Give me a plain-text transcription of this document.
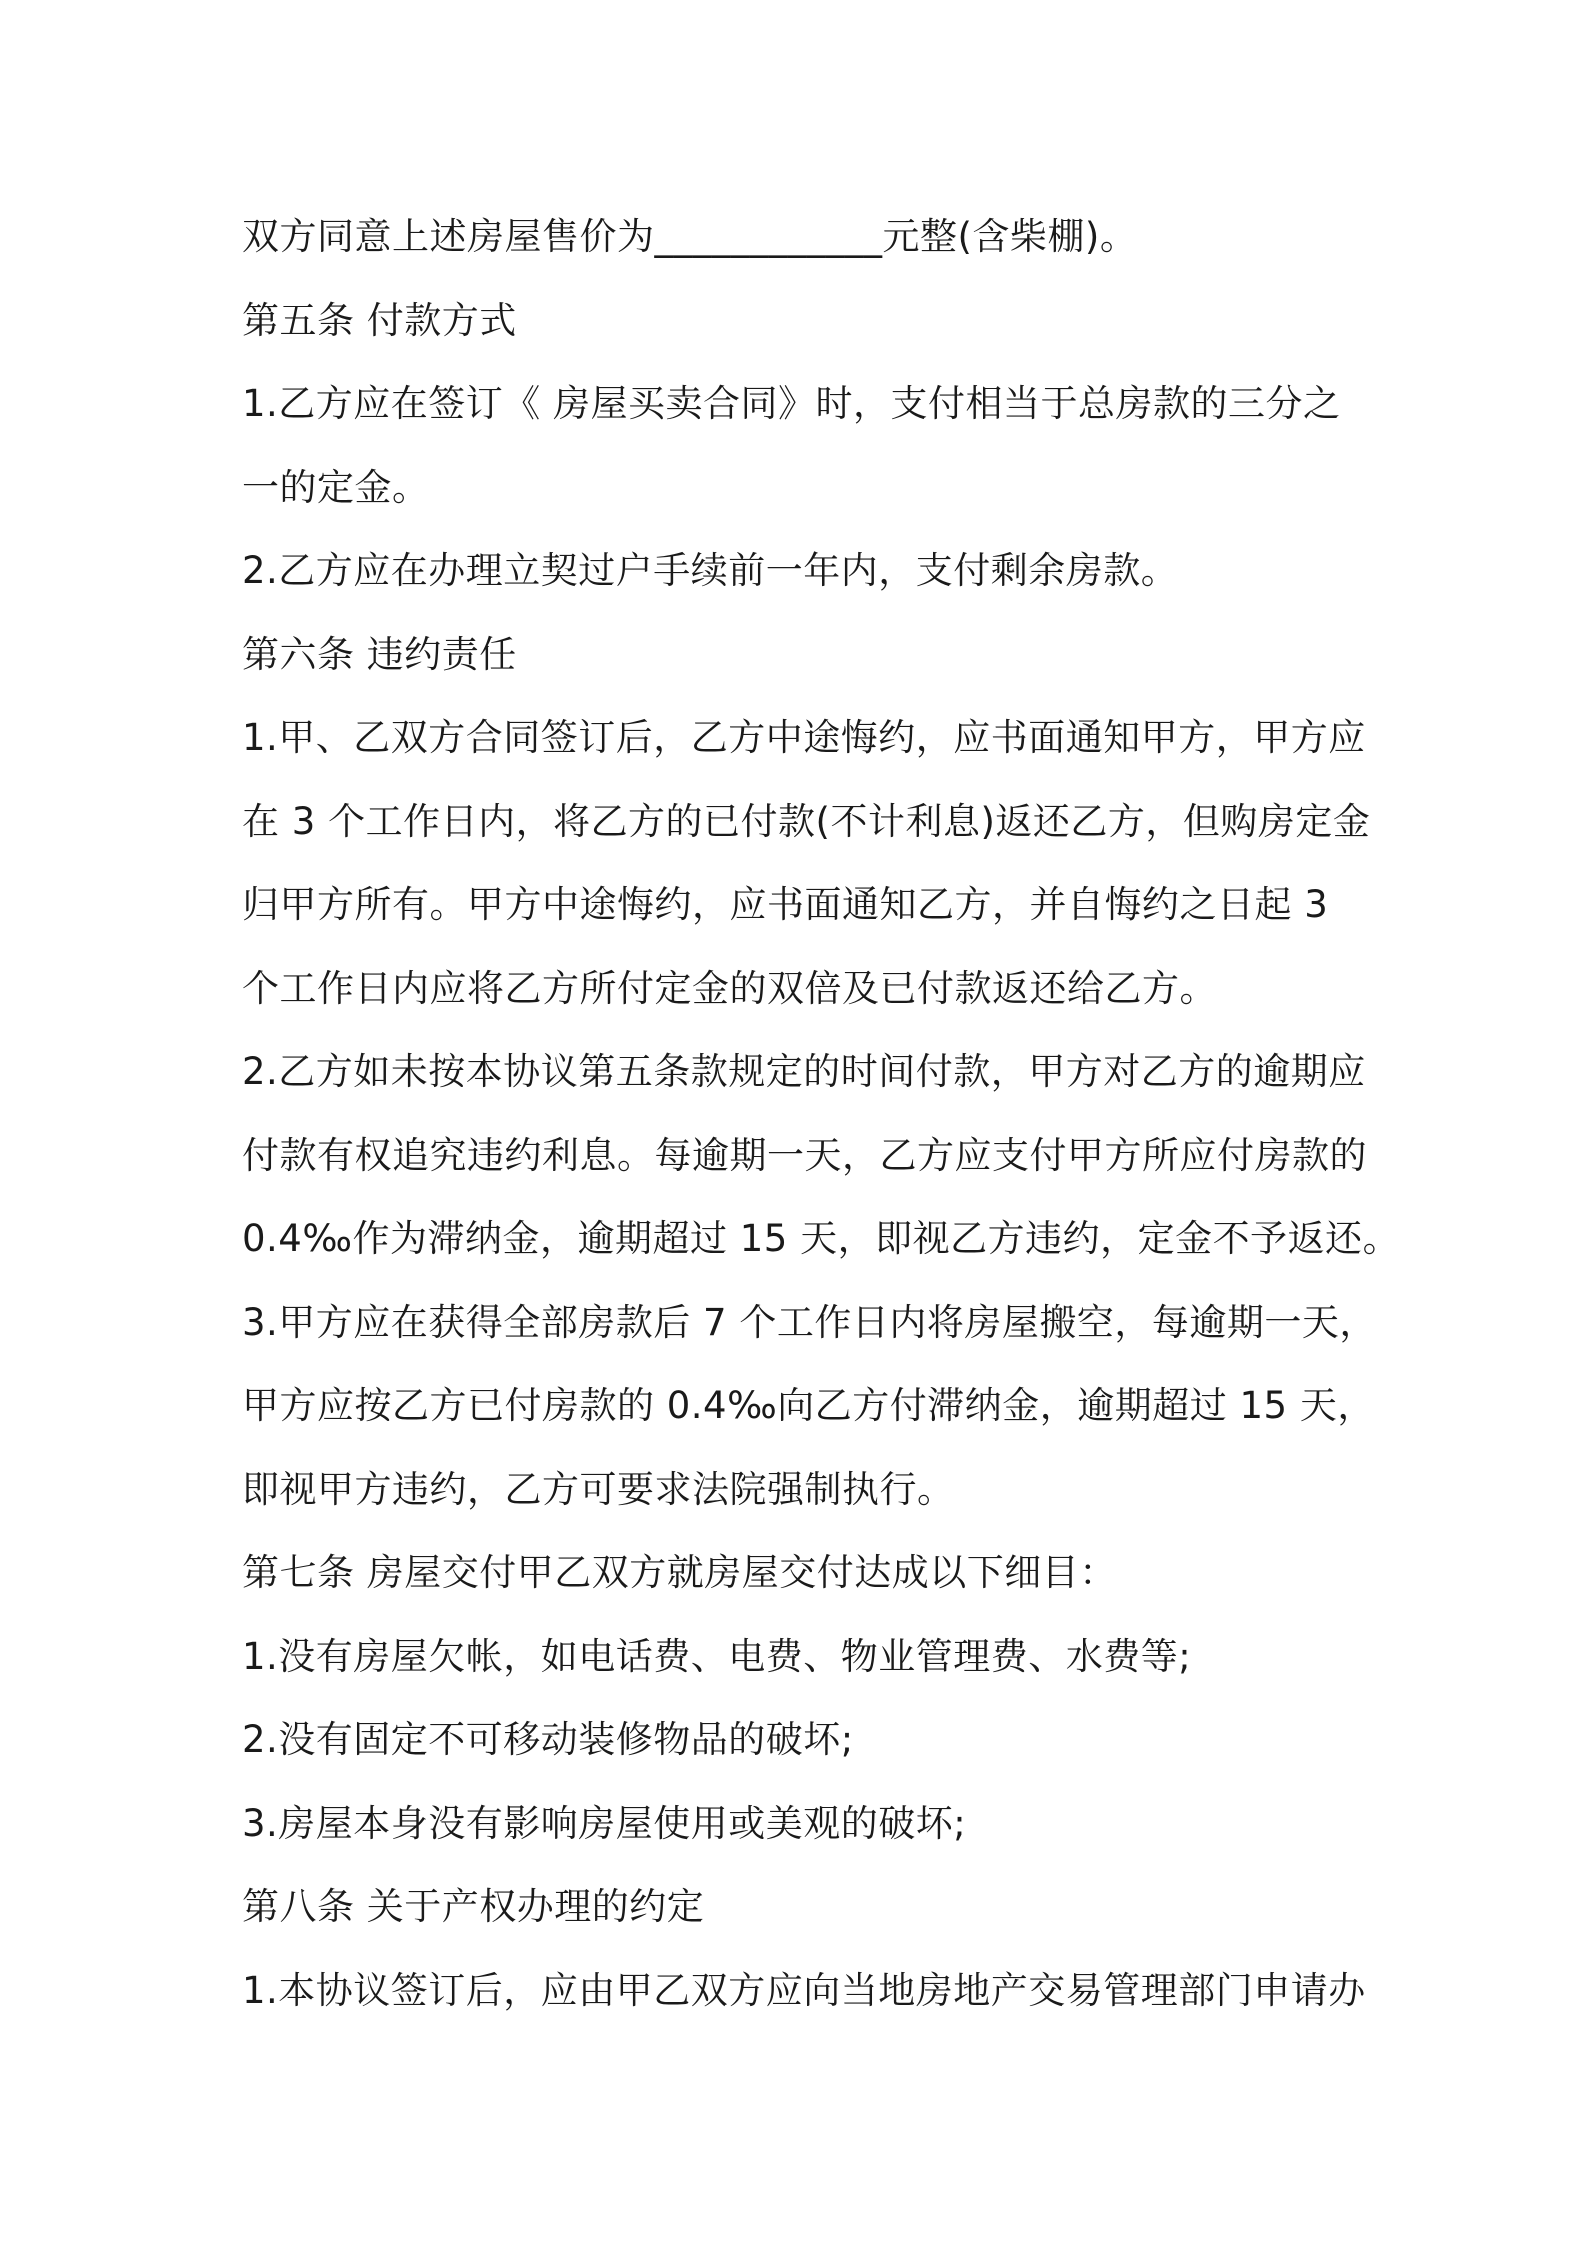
双方同意上述房屋售价为____________元整(含柴棚)。
第五条 付款方式
1.乙方应在签订《 房屋买卖合同》时，支付相当于总房款的三分之
一的定金。
2.乙方应在办理立契过户手续前一年内，支付剩余房款。
第六条 违约责任
1.甲、乙双方合同签订后，乙方中途悔约，应书面通知甲方，甲方应
在 3 个工作日内，将乙方的已付款(不计利息)返还乙方，但购房定金
归甲方所有。甲方中途悔约，应书面通知乙方，并自悔约之日起 3
个工作日内应将乙方所付定金的双倍及已付款返还给乙方。
2.乙方如未按本协议第五条款规定的时间付款，甲方对乙方的逾期应
付款有权追究违约利息。每逾期一天，乙方应支付甲方所应付房款的
0.4‰作为滞纳金，逾期超过 15 天，即视乙方违约，定金不予返还。
3.甲方应在获得全部房款后 7 个工作日内将房屋搬空，每逾期一天，
甲方应按乙方已付房款的 0.4‰向乙方付滞纳金，逾期超过 15 天，
即视甲方违约，乙方可要求法院强制执行。
第七条 房屋交付甲乙双方就房屋交付达成以下细目：
1.没有房屋欠帐，如电话费、电费、物业管理费、水费等;
2.没有固定不可移动装修物品的破坏;
3.房屋本身没有影响房屋使用或美观的破坏;
第八条 关于产权办理的约定
1.本协议签订后，应由甲乙双方应向当地房地产交易管理部门申请办
